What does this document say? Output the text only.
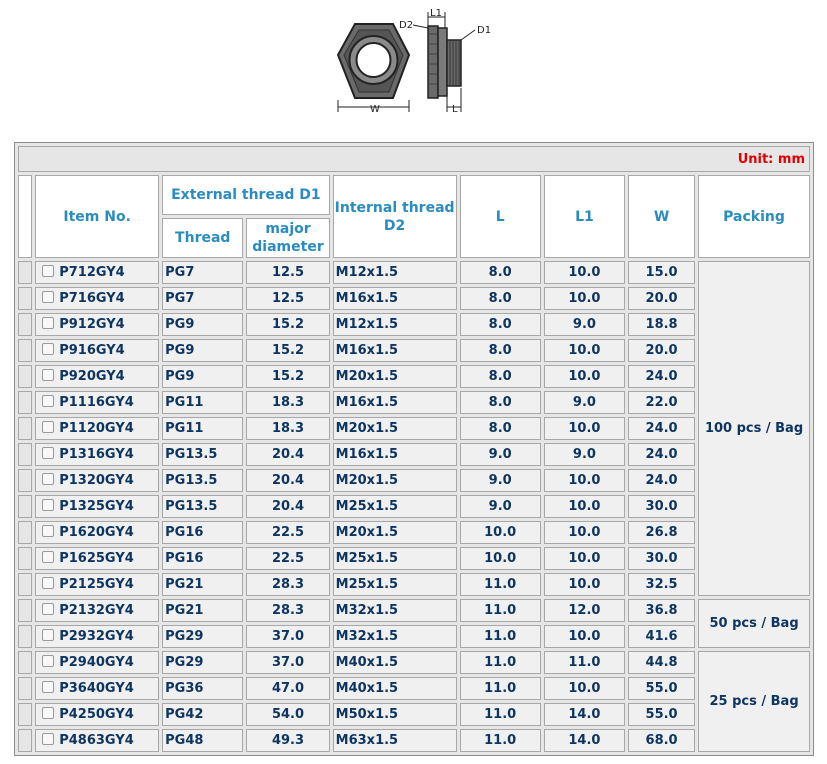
W
L1
D2	D1
L
Unit: mm								
	Item No.	External thread D1		Internal thread D2	L	L1	W	Packing
		Thread	major diameter					
	P712GY4	PG7	12.5	M12x1.5	8.0	10.0	15.0	100 pcs / Bag
	P716GY4	PG7	12.5	M16x1.5	8.0	10.0	20.0	
	P912GY4	PG9	15.2	M12x1.5	8.0	9.0	18.8	
	P916GY4	PG9	15.2	M16x1.5	8.0	10.0	20.0	
	P920GY4	PG9	15.2	M20x1.5	8.0	10.0	24.0	
	P1116GY4	PG11	18.3	M16x1.5	8.0	9.0	22.0	
	P1120GY4	PG11	18.3	M20x1.5	8.0	10.0	24.0	
	P1316GY4	PG13.5	20.4	M16x1.5	9.0	9.0	24.0	
	P1320GY4	PG13.5	20.4	M20x1.5	9.0	10.0	24.0	
	P1325GY4	PG13.5	20.4	M25x1.5	9.0	10.0	30.0	
	P1620GY4	PG16	22.5	M20x1.5	10.0	10.0	26.8	
	P1625GY4	PG16	22.5	M25x1.5	10.0	10.0	30.0	
	P2125GY4	PG21	28.3	M25x1.5	11.0	10.0	32.5	
	P2132GY4	PG21	28.3	M32x1.5	11.0	12.0	36.8	50 pcs / Bag
	P2932GY4	PG29	37.0	M32x1.5	11.0	10.0	41.6	
	P2940GY4	PG29	37.0	M40x1.5	11.0	11.0	44.8	25 pcs / Bag
	P3640GY4	PG36	47.0	M40x1.5	11.0	10.0	55.0	
	P4250GY4	PG42	54.0	M50x1.5	11.0	14.0	55.0	
	P4863GY4	PG48	49.3	M63x1.5	11.0	14.0	68.0	
